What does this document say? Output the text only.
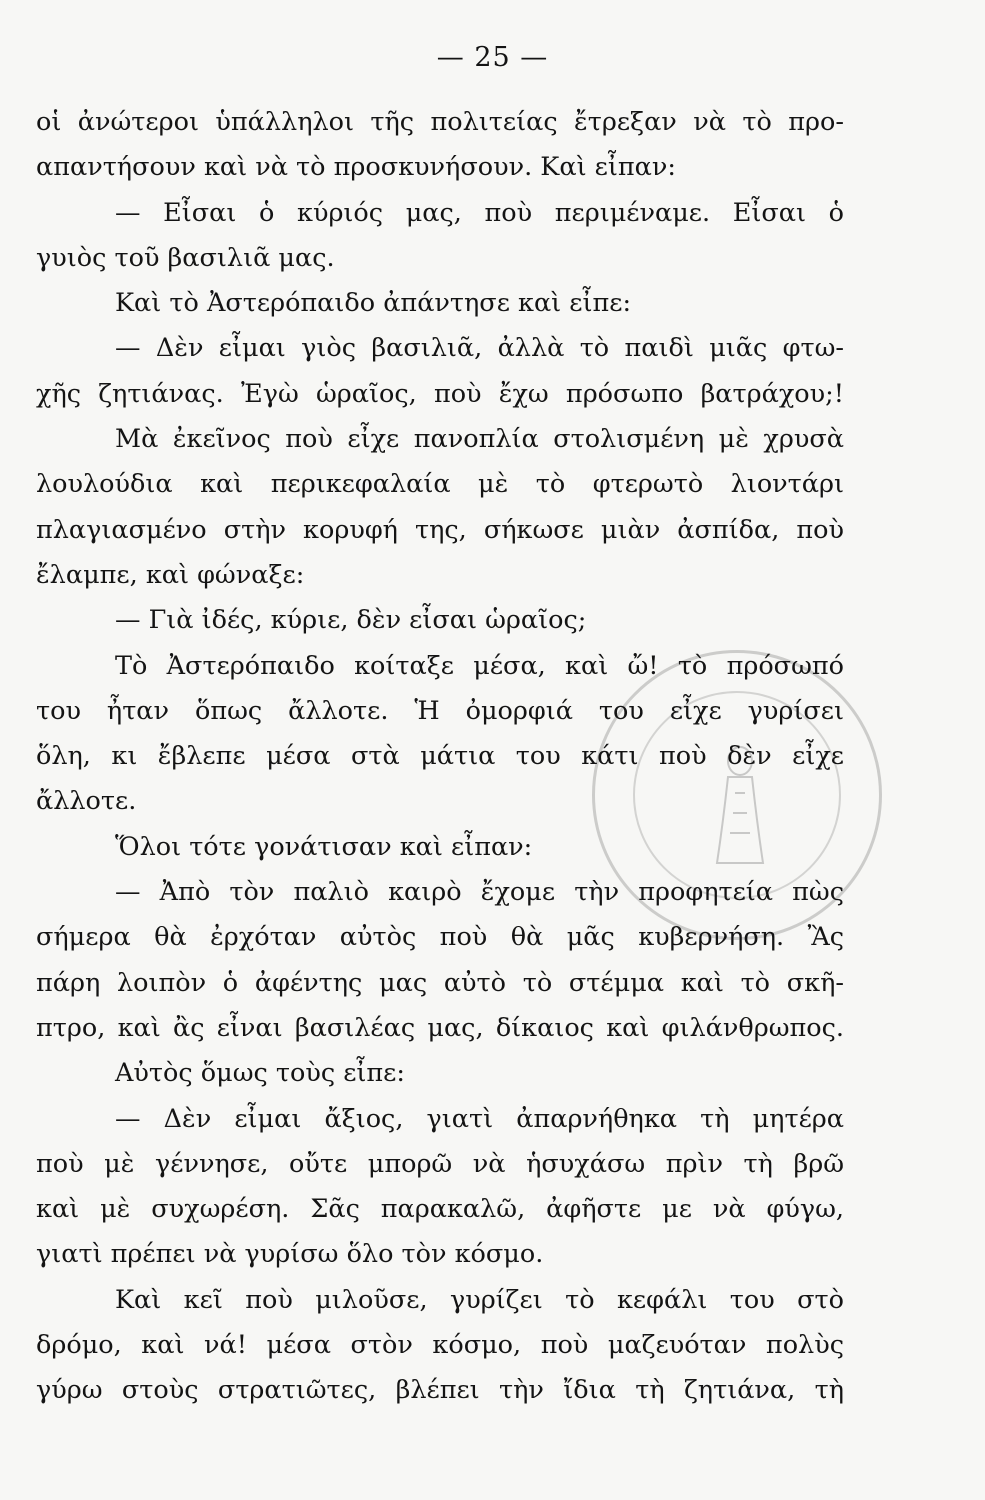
— 25 —
οἱ ἀνώτεροι ὑπάλληλοι τῆς πολιτείας ἔτρεξαν νὰ τὸ προ-
απαντήσουν καὶ νὰ τὸ προσκυνήσουν. Καὶ εἶπαν:
— Εἶσαι ὁ κύριός μας, ποὺ περιμέναμε. Εἶσαι ὁ
γυιὸς τοῦ βασιλιᾶ μας.
Καὶ τὸ Ἀστερόπαιδο ἀπάντησε καὶ εἶπε:
— Δὲν εἶμαι γιὸς βασιλιᾶ, ἀλλὰ τὸ παιδὶ μιᾶς φτω-
χῆς ζητιάνας. Ἐγὼ ὡραῖος, ποὺ ἔχω πρόσωπο βατράχου;!
Μὰ ἐκεῖνος ποὺ εἶχε πανοπλία στολισμένη μὲ χρυσὰ
λουλούδια καὶ περικεφαλαία μὲ τὸ φτερωτὸ λιοντάρι
πλαγιασμένο στὴν κορυφή της, σήκωσε μιὰν ἀσπίδα, ποὺ
ἔλαμπε, καὶ φώναξε:
— Γιὰ ἰδές, κύριε, δὲν εἶσαι ὡραῖος;
Τὸ Ἀστερόπαιδο κοίταξε μέσα, καὶ ὤ! τὸ πρόσωπό
του ἦταν ὅπως ἄλλοτε. Ἡ ὀμορφιά του εἶχε γυρίσει
ὅλη, κι ἔβλεπε μέσα στὰ μάτια του κάτι ποὺ δὲν εἶχε
ἄλλοτε.
Ὅλοι τότε γονάτισαν καὶ εἶπαν:
— Ἀπὸ τὸν παλιὸ καιρὸ ἔχομε τὴν προφητεία πὼς
σήμερα θὰ ἐρχόταν αὐτὸς ποὺ θὰ μᾶς κυβερνήση. Ἂς
πάρη λοιπὸν ὁ ἀφέντης μας αὐτὸ τὸ στέμμα καὶ τὸ σκῆ-
πτρο, καὶ ἂς εἶναι βασιλέας μας, δίκαιος καὶ φιλάνθρωπος.
Αὐτὸς ὅμως τοὺς εἶπε:
— Δὲν εἶμαι ἄξιος, γιατὶ ἀπαρνήθηκα τὴ μητέρα
ποὺ μὲ γέννησε, οὔτε μπορῶ νὰ ἡσυχάσω πρὶν τὴ βρῶ
καὶ μὲ συχωρέση. Σᾶς παρακαλῶ, ἀφῆστε με νὰ φύγω,
γιατὶ πρέπει νὰ γυρίσω ὅλο τὸν κόσμο.
Καὶ κεῖ ποὺ μιλοῦσε, γυρίζει τὸ κεφάλι του στὸ
δρόμο, καὶ νά! μέσα στὸν κόσμο, ποὺ μαζευόταν πολὺς
γύρω στοὺς στρατιῶτες, βλέπει τὴν ἴδια τὴ ζητιάνα, τὴ
